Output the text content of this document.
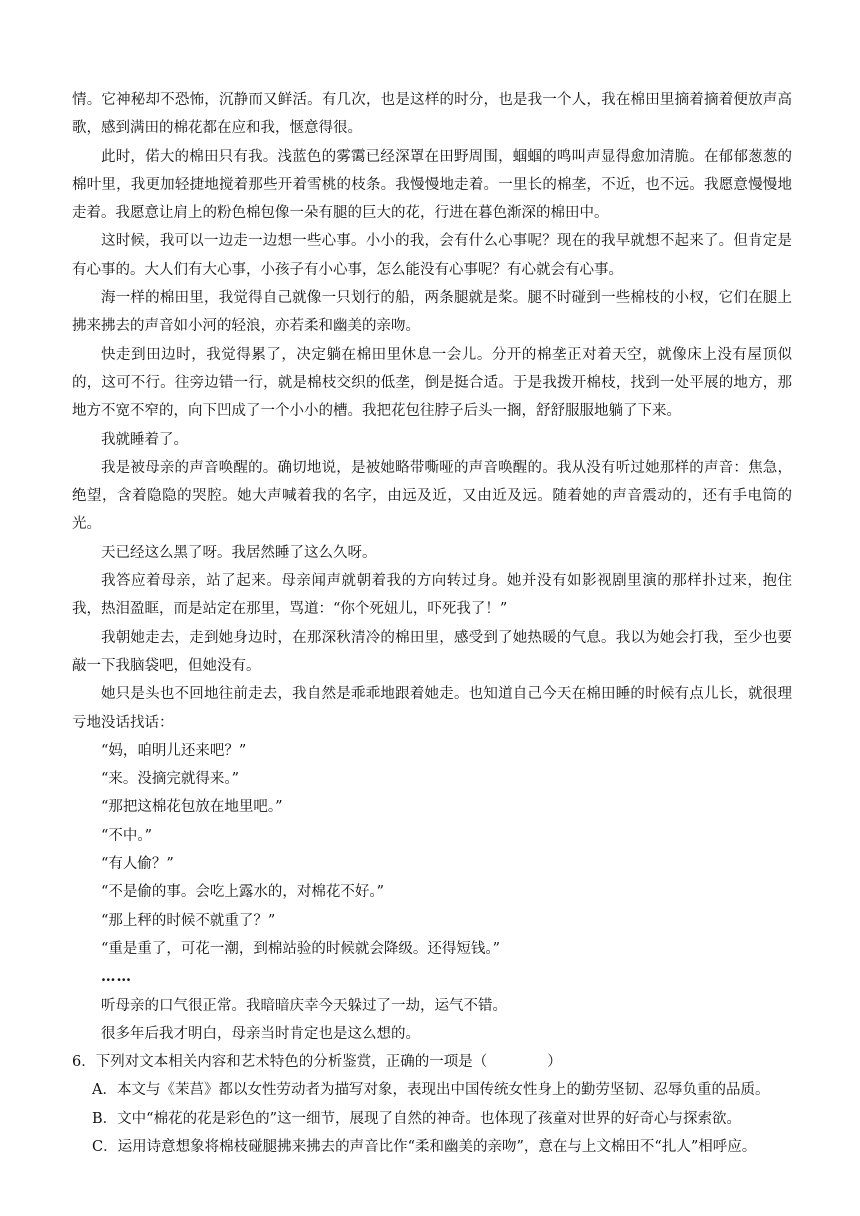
情。它神秘却不恐怖，沉静而又鲜活。有几次，也是这样的时分，也是我一个人，我在棉田里摘着摘着便放声高歌，感到满田的棉花都在应和我，惬意得很。

此时，偌大的棉田只有我。浅蓝色的雾霭已经深罩在田野周围，蝈蝈的鸣叫声显得愈加清脆。在郁郁葱葱的棉叶里，我更加轻捷地搅着那些开着雪桃的枝条。我慢慢地走着。一里长的棉垄，不近，也不远。我愿意慢慢地走着。我愿意让肩上的粉色棉包像一朵有腿的巨大的花，行进在暮色渐深的棉田中。

这时候，我可以一边走一边想一些心事。小小的我，会有什么心事呢？现在的我早就想不起来了。但肯定是有心事的。大人们有大心事，小孩子有小心事，怎么能没有心事呢？有心就会有心事。

海一样的棉田里，我觉得自己就像一只划行的船，两条腿就是桨。腿不时碰到一些棉枝的小杈，它们在腿上拂来拂去的声音如小河的轻浪，亦若柔和幽美的亲吻。

快走到田边时，我觉得累了，决定躺在棉田里休息一会儿。分开的棉垄正对着天空，就像床上没有屋顶似的，这可不行。往旁边错一行，就是棉枝交织的低垄，倒是挺合适。于是我拨开棉枝，找到一处平展的地方，那地方不宽不窄的，向下凹成了一个小小的槽。我把花包往脖子后头一搁，舒舒服服地躺了下来。

我就睡着了。

我是被母亲的声音唤醒的。确切地说，是被她略带嘶哑的声音唤醒的。我从没有听过她那样的声音：焦急，绝望，含着隐隐的哭腔。她大声喊着我的名字，由远及近，又由近及远。随着她的声音震动的，还有手电筒的光。

天已经这么黑了呀。我居然睡了这么久呀。

我答应着母亲，站了起来。母亲闻声就朝着我的方向转过身。她并没有如影视剧里演的那样扑过来，抱住我，热泪盈眶，而是站定在那里，骂道：“你个死妞儿，吓死我了！”

我朝她走去，走到她身边时，在那深秋清冷的棉田里，感受到了她热暖的气息。我以为她会打我，至少也要敲一下我脑袋吧，但她没有。

她只是头也不回地往前走去，我自然是乖乖地跟着她走。也知道自己今天在棉田睡的时候有点儿长，就很理亏地没话找话：

“妈，咱明儿还来吧？”

“来。没摘完就得来。”

“那把这棉花包放在地里吧。”

“不中。”

“有人偷？”

“不是偷的事。会吃上露水的，对棉花不好。”

“那上秤的时候不就重了？”

“重是重了，可花一潮，到棉站验的时候就会降级。还得短钱。”

……

听母亲的口气很正常。我暗暗庆幸今天躲过了一劫，运气不错。

很多年后我才明白，母亲当时肯定也是这么想的。

6．下列对文本相关内容和艺术特色的分析鉴赏，正确的一项是（	）

A．本文与《茉莒》都以女性劳动者为描写对象，表现出中国传统女性身上的勤劳坚韧、忍辱负重的品质。

B．文中“棉花的花是彩色的”这一细节，展现了自然的神奇。也体现了孩童对世界的好奇心与探索欲。

C．运用诗意想象将棉枝碰腿拂来拂去的声音比作“柔和幽美的亲吻”，意在与上文棉田不“扎人”相呼应。
